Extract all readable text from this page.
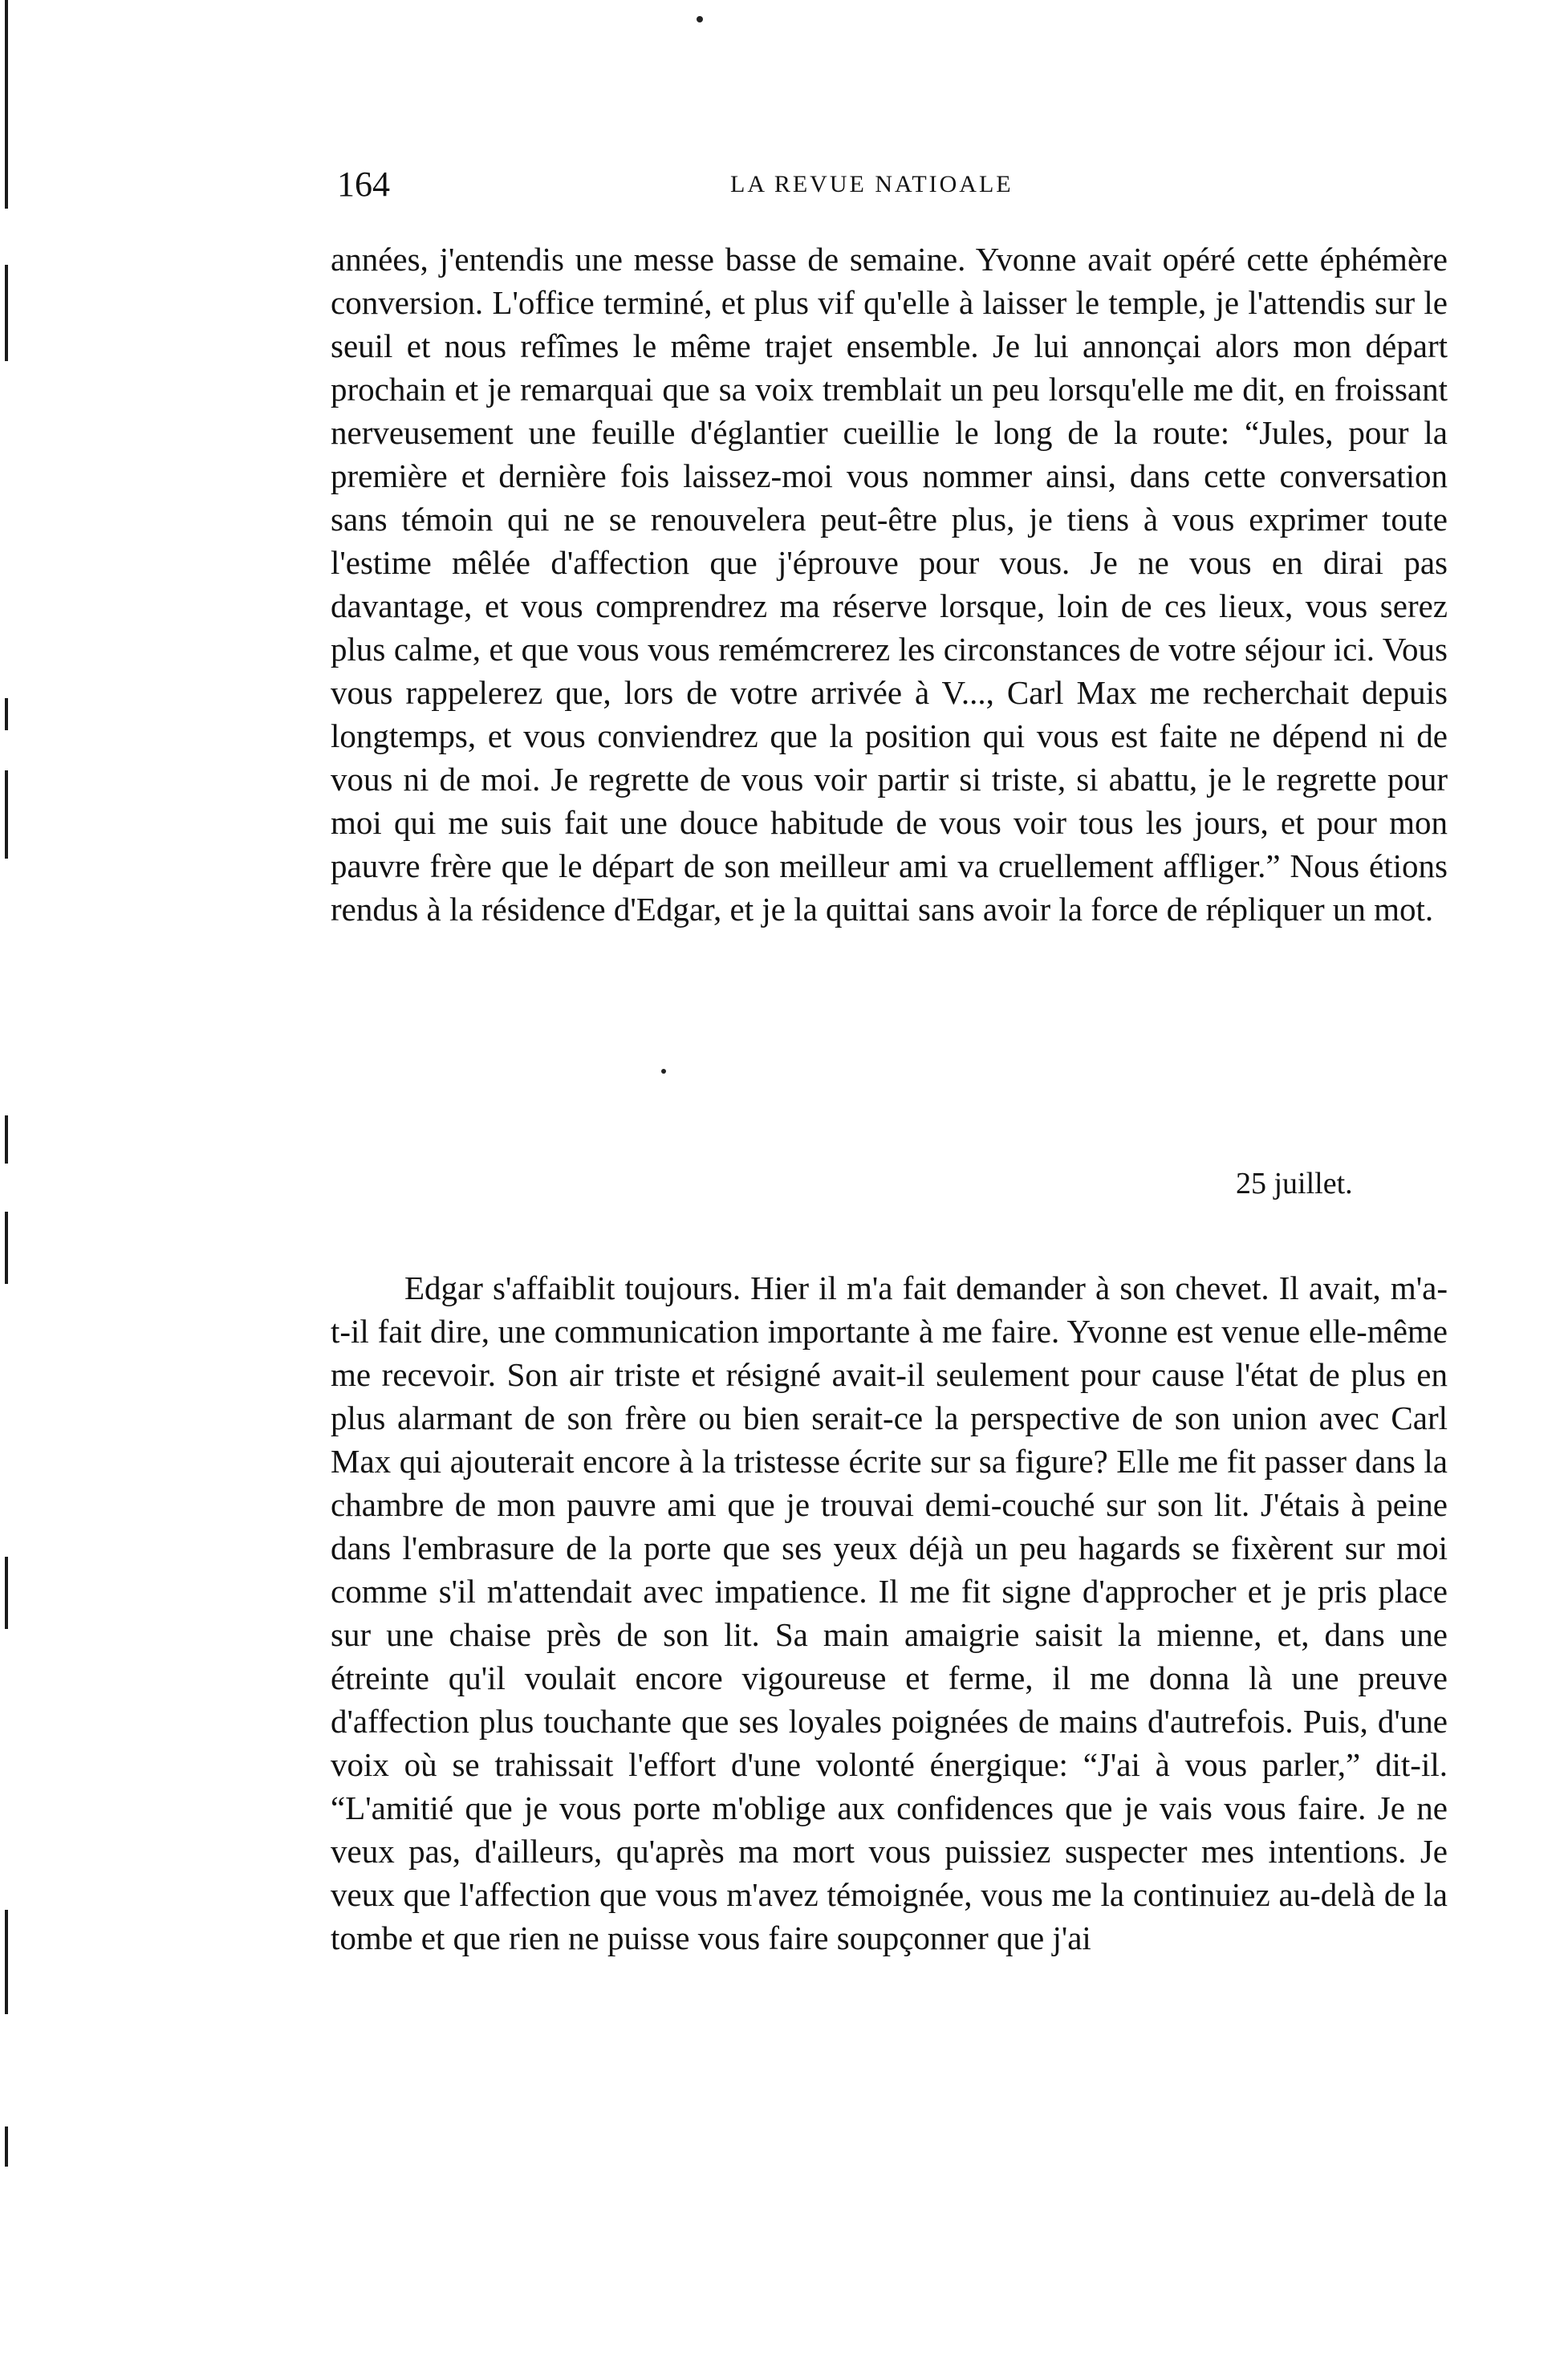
164	LA REVUE NATIOALE

années, j'entendis une messe basse de semaine. Yvonne avait opéré cette éphémère conversion. L'office terminé, et plus vif qu'elle à laisser le temple, je l'attendis sur le seuil et nous refîmes le même trajet ensemble. Je lui annonçai alors mon départ prochain et je remarquai que sa voix tremblait un peu lorsqu'elle me dit, en froissant nerveusement une feuille d'églantier cueillie le long de la route: “Jules, pour la première et dernière fois laissez-moi vous nommer ainsi, dans cette conversation sans témoin qui ne se renouvelera peut-être plus, je tiens à vous exprimer toute l'estime mêlée d'affection que j'éprouve pour vous. Je ne vous en dirai pas davantage, et vous comprendrez ma réserve lorsque, loin de ces lieux, vous serez plus calme, et que vous vous remémcrerez les circonstances de votre séjour ici. Vous vous rappelerez que, lors de votre arrivée à V..., Carl Max me recherchait depuis longtemps, et vous conviendrez que la position qui vous est faite ne dépend ni de vous ni de moi. Je regrette de vous voir partir si triste, si abattu, je le regrette pour moi qui me suis fait une douce habitude de vous voir tous les jours, et pour mon pauvre frère que le départ de son meilleur ami va cruellement affliger.” Nous étions rendus à la résidence d'Edgar, et je la quittai sans avoir la force de répliquer un mot.

25 juillet.

Edgar s'affaiblit toujours. Hier il m'a fait demander à son chevet. Il avait, m'a-t-il fait dire, une communication importante à me faire. Yvonne est venue elle-même me recevoir. Son air triste et résigné avait-il seulement pour cause l'état de plus en plus alarmant de son frère ou bien serait-ce la perspective de son union avec Carl Max qui ajouterait encore à la tristesse écrite sur sa figure? Elle me fit passer dans la chambre de mon pauvre ami que je trouvai demi-couché sur son lit. J'étais à peine dans l'embrasure de la porte que ses yeux déjà un peu hagards se fixèrent sur moi comme s'il m'attendait avec impatience. Il me fit signe d'approcher et je pris place sur une chaise près de son lit. Sa main amaigrie saisit la mienne, et, dans une étreinte qu'il voulait encore vigoureuse et ferme, il me donna là une preuve d'affection plus touchante que ses loyales poignées de mains d'autrefois. Puis, d'une voix où se trahissait l'effort d'une volonté énergique: “J'ai à vous parler,” dit-il. “L'amitié que je vous porte m'oblige aux confidences que je vais vous faire. Je ne veux pas, d'ailleurs, qu'après ma mort vous puissiez suspecter mes intentions. Je veux que l'affection que vous m'avez témoignée, vous me la continuiez au-delà de la tombe et que rien ne puisse vous faire soupçonner que j'ai
